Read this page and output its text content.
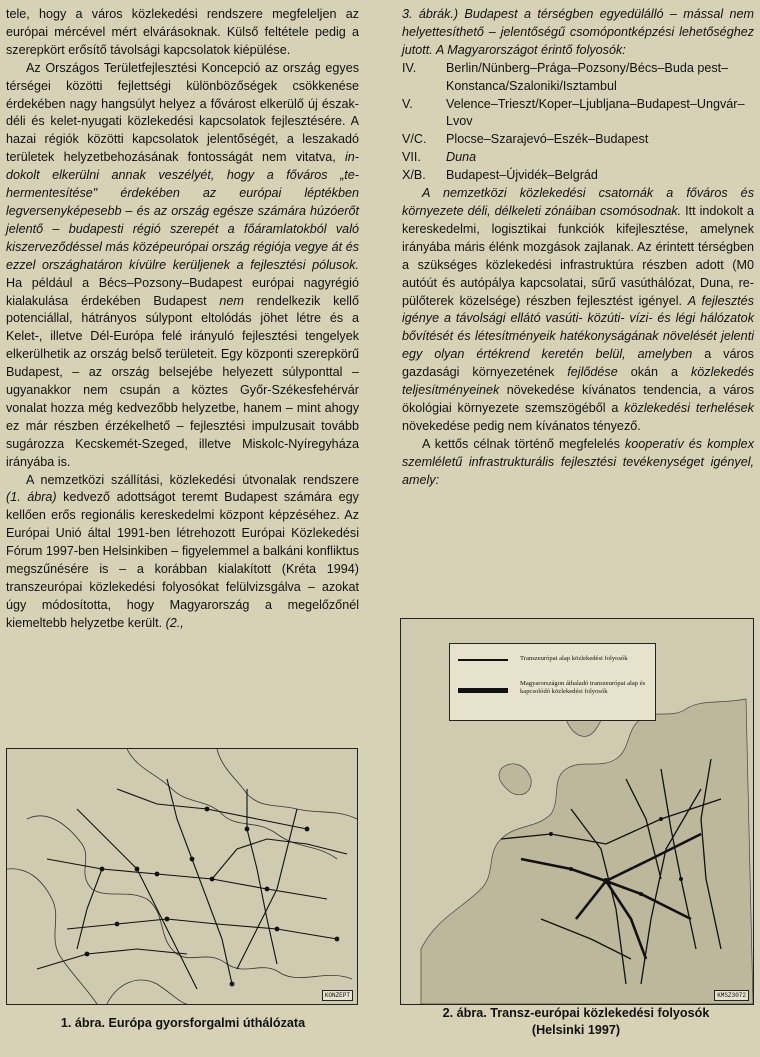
tele, hogy a város közlekedési rendszere megfeleljen az európai mércével mért elvárásoknak. Külső feltétele pedig a szerepkört erősítő távolsági kapcsolatok kiépülése.

Az Országos Területfejlesztési Koncepció az ország egyes térségei közötti fejlettségi különbözőségek csökkenése érdekében nagy hangsúlyt helyez a fővárost elkerülő új észak-déli és kelet-nyugati közlekedési kapcsolatok fejlesztésére. A hazai régiók közötti kapcsolatok jelentőségét, a leszakadó területek helyzetbehozásának fontosságát nem vitatva, indokolt elkerülni annak veszélyét, hogy a főváros „tehermentesítése" érdekében az európai léptékben legversenyképesebb – és az ország egésze számára húzóerőt jelentő – budapesti régió szerepét a főáramlatokból való kiszerveződéssel más középeurópai ország régiója vegye át és ezzel országhatáron kívülre kerüljenek a fejlesztési pólusok. Ha például a Bécs–Pozsony–Budapest európai nagyrégió kialakulása érdekében Budapest nem rendelkezik kellő potenciállal, hátrányos súlypont eltolódás jöhet létre és a Kelet-, illetve Dél-Európa felé irányuló fejlesztési tengelyek elkerülhetik az ország belső területeit. Egy központi szerepkörű Budapest, – az ország belsejébe helyezett súlyponttal – ugyanakkor nem csupán a köztes Győr-Székesfehérvár vonalat hozza még kedvezőbb helyzetbe, hanem – mint ahogy ez már részben érzékelhető – fejlesztési impulzusait tovább sugározza Kecskemét-Szeged, illetve Miskolc-Nyíregyháza irányába is.

A nemzetközi szállítási, közlekedési útvonalak rendszere (1. ábra) kedvező adottságot teremt Budapest számára egy kellően erős regionális kereskedelmi központ képzéséhez. Az Európai Unió által 1991-ben létrehozott Európai Közlekedési Fórum 1997-ben Helsinkiben – figyelemmel a balkáni konfliktus megszűnésére is – a korábban kialakított (Kréta 1994) transzeurópai közlekedési folyosókat felülvizsgálva – azokat úgy módosította, hogy Magyarország a megelőzőnél kiemeltebb helyzetbe került. (2.,

3. ábrák.) Budapest a térségben egyedülálló – mással nem helyettesíthető – jelentőségű csomópontképzési lehetőséghez jutott. A Magyarországot érintő folyosók:

IV.	Berlin/Nünberg–Prága–Pozsony/Bécs–Buda pest–Konstanca/Szaloniki/Isztambul
V.	Velence–Trieszt/Koper–Ljubljana–Budapest–Ungvár–Lvov
V/C.	Plocse–Szarajevó–Eszék–Budapest
VII.	Duna
X/B.	Budapest–Újvidék–Belgrád

A nemzetközi közlekedési csatornák a főváros és környezete déli, délkeleti zónáiban csomósodnak. Itt indokolt a kereskedelmi, logisztikai funkciók kifejlesztése, amelynek irányába máris élénk mozgások zajlanak. Az érintett térségben a szükséges közlekedési infrastruktúra részben adott (M0 autóút és autópálya kapcsolatai, sűrű vasúthálózat, Duna, repülőterek közelsége) részben fejlesztést igényel. A fejlesztés igénye a távolsági ellátó vasúti- közúti- vízi- és légi hálózatok bővítését és létesítményeik hatékonyságának növelését jelenti egy olyan értékrend keretén belül, amelyben a város gazdasági környezetének fejlődése okán a közlekedés teljesítményeinek növekedése kívánatos tendencia, a város ökológiai környezete szemszögéből a közlekedési terhelések növekedése pedig nem kívánatos tényező.

A kettős célnak történő megfelelés kooperatív és komplex szemléletű infrastrukturális fejlesztési tevékenységet igényel, amely:

KONZEPT
1. ábra. Európa gyorsforgalmi úthálózata
Transzeurópai alap közlekedési folyosók
Magyarországon áthaladó transzeurópai alap és kapcsolódó közlekedési folyosók
KMSZ3072
2. ábra. Transz-európai közlekedési folyosók
(Helsinki 1997)
